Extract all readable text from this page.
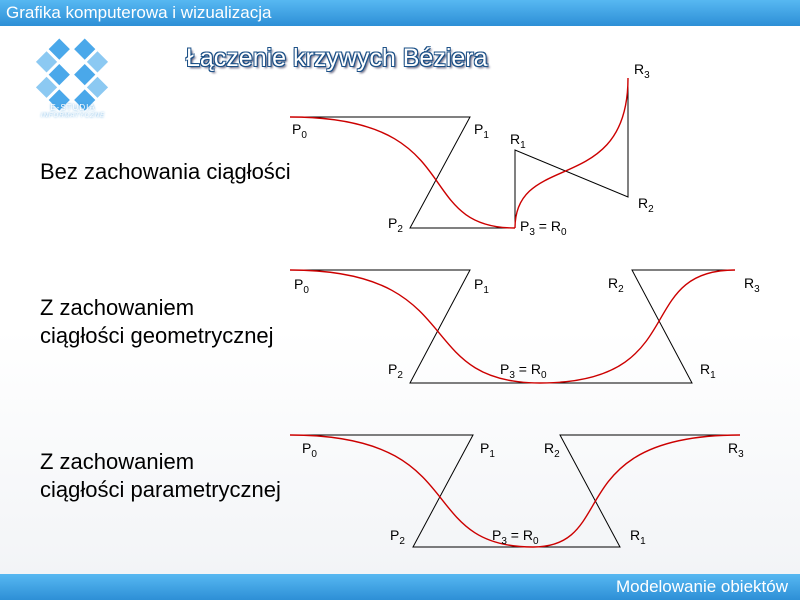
Grafika komputerowa i wizualizacja
E-STUDIA
INFORMATYCZNE
Łączenie krzywych Béziera
Bez zachowania ciągłości
Z zachowaniem
ciągłości geometrycznej
Z zachowaniem
ciągłości parametrycznej
$P_0$	$P_1$
$P_2$	$P_3 = R_0$
$R_1$
$R_2$
$R_3$
$P_0$	$P_1$
$P_2$	$P_3 = R_0$	$R_1$
$R_2$	$R_3$
$P_0$	$P_1$
$P_2$	$P_3 = R_0$	$R_1$
$R_2$	$R_3$
Modelowanie obiektów
